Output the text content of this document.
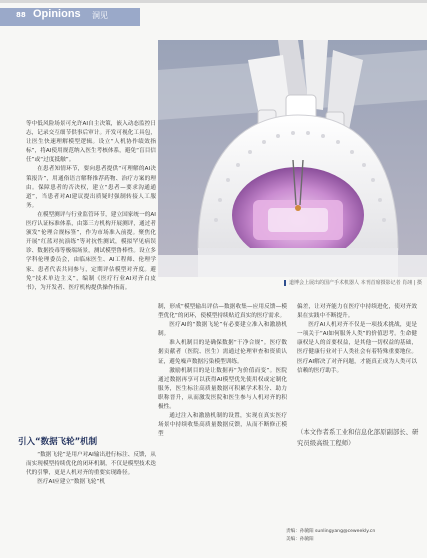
88 Opinions 洞见
道博会上展出的国产手术机器人 本刊首席摄影记者 肖翊 | 摄

等中低风险场景可允许AI自主决策，嵌入动态监控日志，记录交互细节供事后审计。开发可视化工具包，让医生快速理解模型逻辑。设立“人机协作绩效指标”，将AI使用规范纳入医生考核体系，避免“盲目信任”或“过度抵触”。

在患者知情环节，要向患者提供“可理解的AI决策报告”，用通俗语言解释推荐药物、治疗方案的理由。保障患者的否决权，建立“患者—要求沟通通道”，当患者对AI建议提出质疑时强制转接人工服务。

在模型测评与行业监管环节，建立国家统一的AI医疗认证标准体系，由第三方机构开展测评，通过者颁发“伦理合规标签”，作为市场准入前提。聚焦化开展“红蓝对抗演练”等对抗性测试，模拟罕见病误诊、数据投毒等极端场景，测试模型鲁棒性。设立多学科伦理委员会，由临床医生、AI工程师、伦理学家、患者代表共同参与，定期评估模型对齐度。避免“技术单边主义”，编制《医疗行业AI对齐白皮书》，为开发者、医疗机构提供操作指南。

引入“数据飞轮”机制

“数据飞轮”是用户对AI输出进行标注、反馈，从而实现模型持续优化的闭环机制，不仅是模型技术迭代的引擎，更是人机对齐的重要实现路径。

医疗AI应建立“数据飞轮”机

制，形成“模型输出评估—数据收集—应用反馈—模型优化”的闭环，使模型持续贴近真实的医疗需求。

医疗AI的“数据飞轮”有必要建立准入和激励机制。

准入机制目的是确保数据“干净合规”。医疗数据贡献者（医院、医生）需通过伦理审查和资质认证，避免噪声数据污染模型训练。

激励机制目的是让数据再“为价值而变”。医院通过数据再享可以获得AI模型优先使用权或定制化服务，医生标注高质量数据可积累学术积分、助力职称晋升，从而激发医院和医生参与人机对齐的积极性。

通过注入和激励机制的设置，实现在真实医疗场景中持续收集高质量数据反馈，从而不断修正模型

偏差，让对齐能力在医疗中持续进化，使对齐效果在实践中不断提升。

医疗AI人机对齐不仅是一项技术挑战，更是一项关于“AI如何服务人类”的价值思考。生命健康权是人的首要权益，是其他一切权益的基础，医疗健康行业对于人类社会有着特殊重要地位。医疗AI解决了对齐问题，才能真正成为人类可以信赖的医疗助手。

（本文作者系工业和信息化部原副部长、研究员级高级工程师）
责编：孙毓阳 sunlingyang@ceweekly.cn
美编：孙毓阳
